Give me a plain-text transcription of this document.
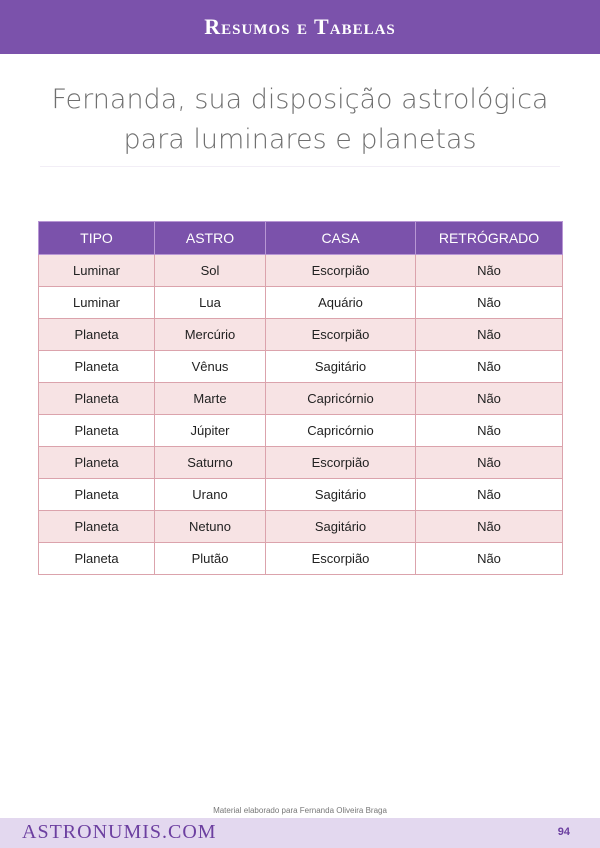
Resumos e Tabelas
Fernanda, sua disposição astrológica
para luminares e planetas
TIPO	ASTRO	CASA	RETRÓGRADO
Luminar	Sol	Escorpião	Não
Luminar	Lua	Aquário	Não
Planeta	Mercúrio	Escorpião	Não
Planeta	Vênus	Sagitário	Não
Planeta	Marte	Capricórnio	Não
Planeta	Júpiter	Capricórnio	Não
Planeta	Saturno	Escorpião	Não
Planeta	Urano	Sagitário	Não
Planeta	Netuno	Sagitário	Não
Planeta	Plutão	Escorpião	Não
Material elaborado para Fernanda Oliveira Braga
ASTRONUMIS.COM	94
